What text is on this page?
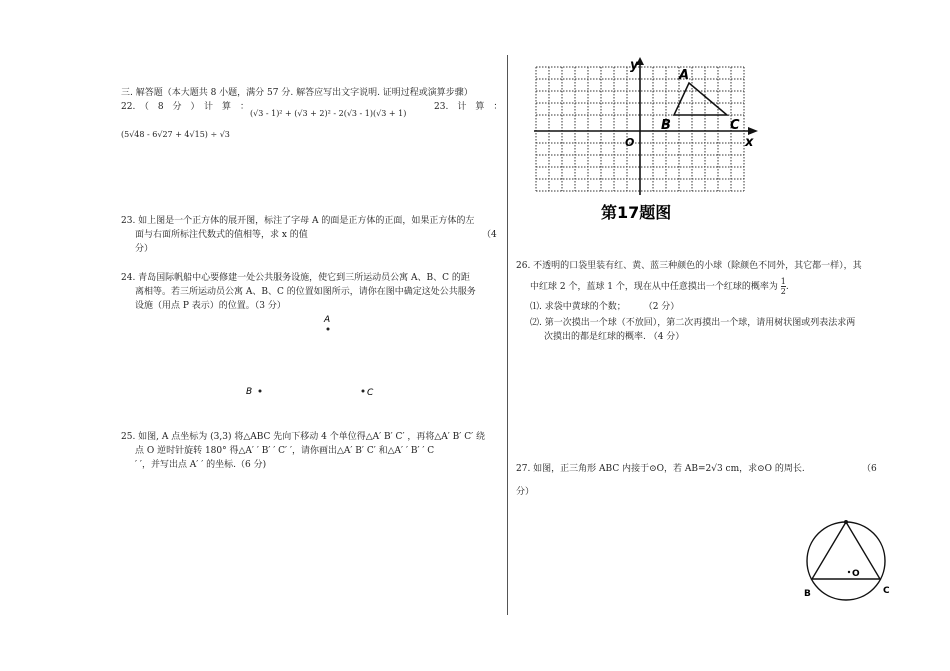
三. 解答题（本大题共 8 小题，满分 57 分. 解答应写出文字说明. 证明过程或演算步骤）
22.　（　8　分　）　计　算　：
(√3 - 1)² + (√3 + 2)² - 2(√3 - 1)(√3 + 1)
23.　计　算　：
(5√48 - 6√27 + 4√15) ÷ √3
23. 如上图是一个正方体的展开图，标注了字母 A 的面是正方体的正面，如果正方体的左
面与右面所标注代数式的值相等，求 x 的值	（4
分）
24. 青岛国际帆船中心要修建一处公共服务设施，使它到三所运动员公寓 A、B、C 的距
离相等。若三所运动员公寓 A、B、C 的位置如图所示，请你在图中确定这处公共服务
设施（用点 P 表示）的位置。（3 分）
A
B	C
25. 如图, A 点坐标为 (3,3) 将△ABC 先向下移动 4 个单位得△A′ B′ C′ ，再将△A′ B′ C′ 绕
点 O 逆时针旋转 180° 得△A′ ′ B′ ′ C′ ′，请你画出△A′ B′ C′ 和△A′ ′ B′ ′ C
′ ′，并写出点 A′ ′ 的坐标.（6 分)
y
x
O
A
B	C
第17题图
26. 不透明的口袋里装有红、黄、蓝三种颜色的小球（除颜色不同外，其它都一样），其
中红球 2 个，蓝球 1 个，现在从中任意摸出一个红球的概率为 $\frac{1}{2}$ .
⑴. 求袋中黄球的个数；　　　（2 分）
⑵. 第一次摸出一个球（不放回），第二次再摸出一个球，请用树状图或列表法求两
次摸出的都是红球的概率. （4 分）
27. 如图，正三角形 ABC 内接于⊙O，若 AB=2√3 cm，求⊙O 的周长.	（6
分）
O
B	C
